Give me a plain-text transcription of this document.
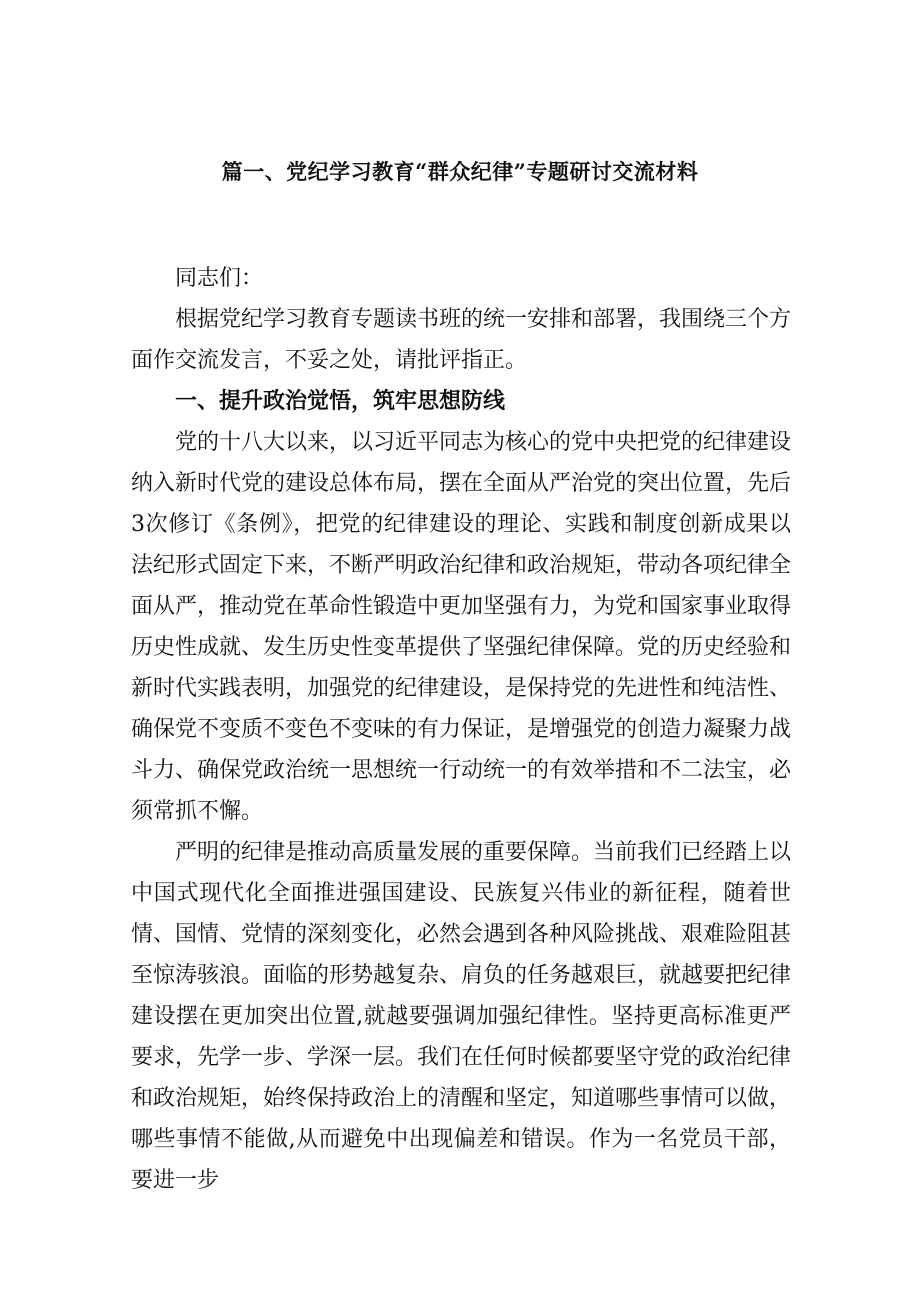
篇一、党纪学习教育“群众纪律”专题研讨交流材料

同志们：

根据党纪学习教育专题读书班的统一安排和部署，我围绕三个方面作交流发言，不妥之处，请批评指正。

一、提升政治觉悟，筑牢思想防线

党的十八大以来，以习近平同志为核心的党中央把党的纪律建设纳入新时代党的建设总体布局，摆在全面从严治党的突出位置，先后3次修订《条例》，把党的纪律建设的理论、实践和制度创新成果以法纪形式固定下来，不断严明政治纪律和政治规矩，带动各项纪律全面从严，推动党在革命性锻造中更加坚强有力，为党和国家事业取得历史性成就、发生历史性变革提供了坚强纪律保障。党的历史经验和新时代实践表明，加强党的纪律建设，是保持党的先进性和纯洁性、确保党不变质不变色不变味的有力保证，是增强党的创造力凝聚力战斗力、确保党政治统一思想统一行动统一的有效举措和不二法宝，必须常抓不懈。

严明的纪律是推动高质量发展的重要保障。当前我们已经踏上以中国式现代化全面推进强国建设、民族复兴伟业的新征程，随着世情、国情、党情的深刻变化，必然会遇到各种风险挑战、艰难险阻甚至惊涛骇浪。面临的形势越复杂、肩负的任务越艰巨，就越要把纪律建设摆在更加突出位置,就越要强调加强纪律性。坚持更高标准更严要求，先学一步、学深一层。我们在任何时候都要坚守党的政治纪律和政治规矩，始终保持政治上的清醒和坚定，知道哪些事情可以做，哪些事情不能做,从而避免中出现偏差和错误。作为一名党员干部，要进一步
